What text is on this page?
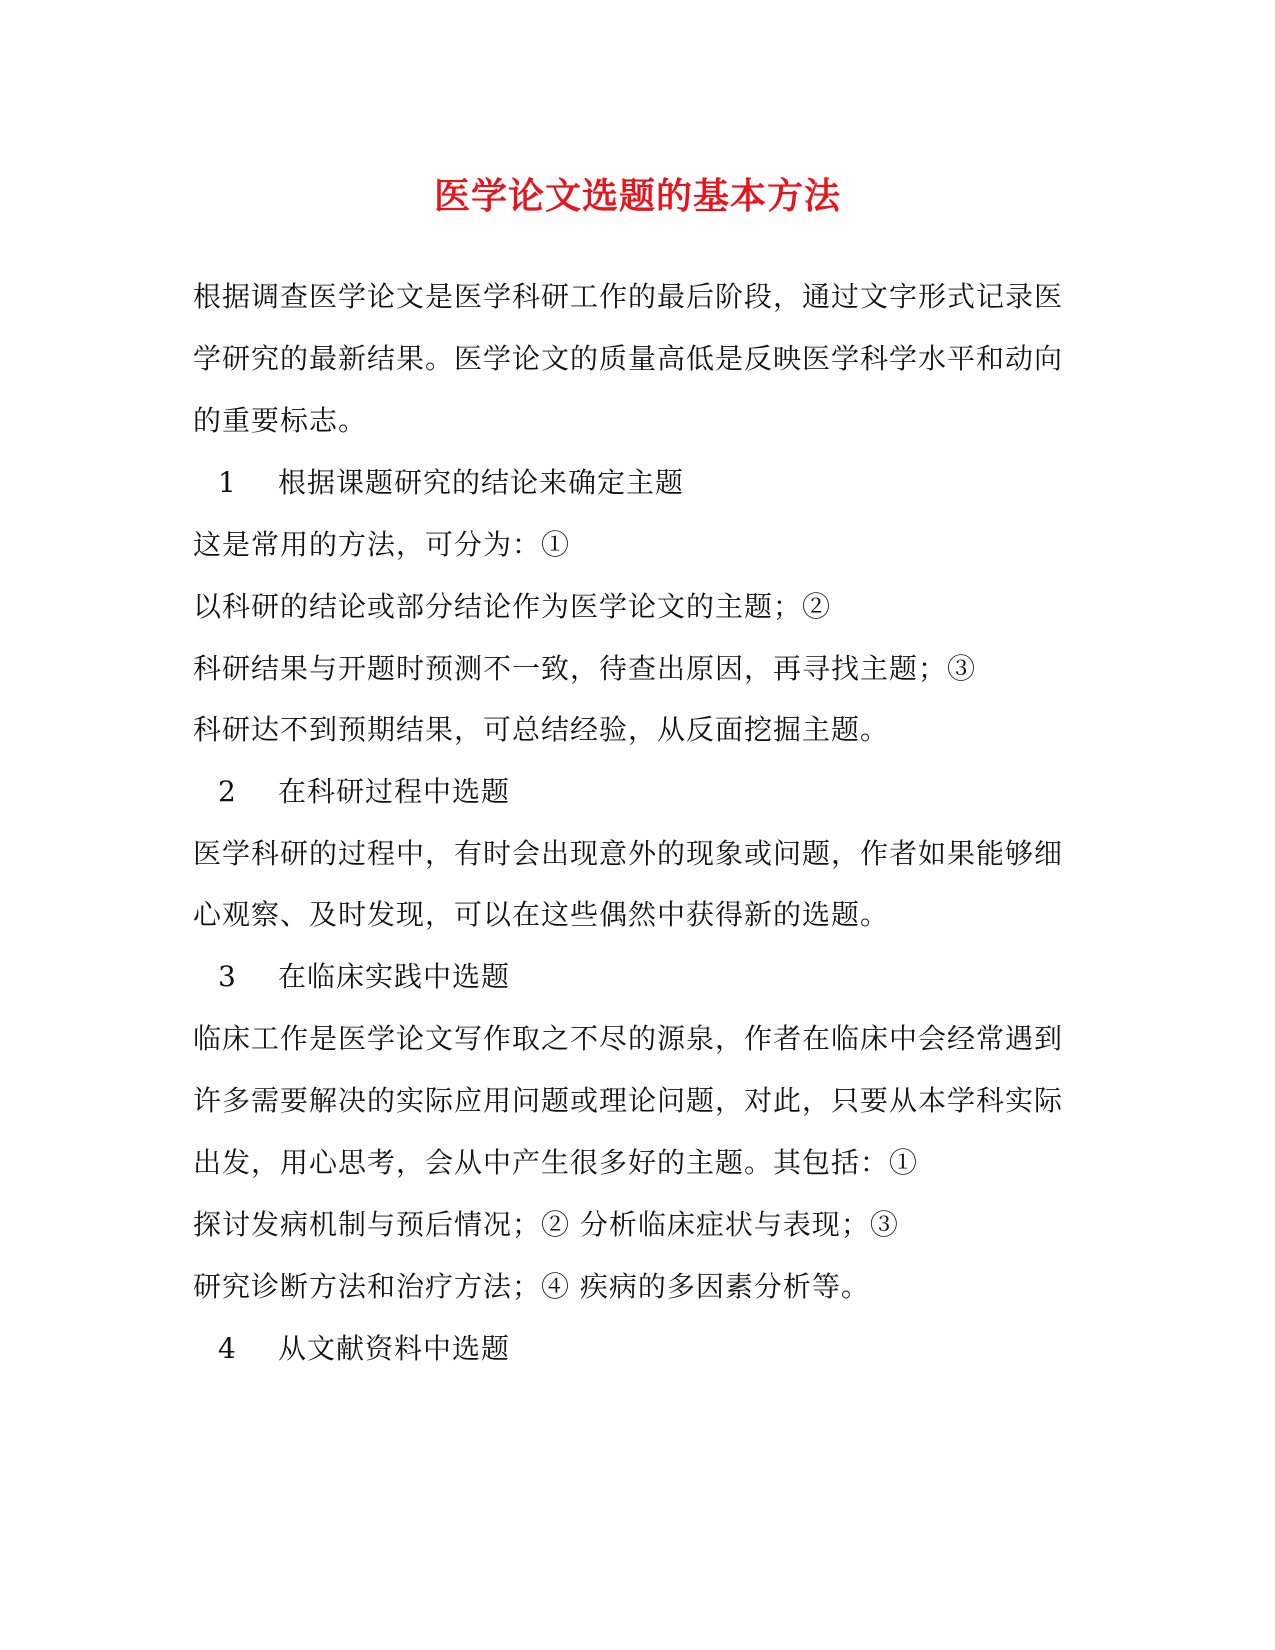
医学论文选题的基本方法
根据调查医学论文是医学科研工作的最后阶段，通过文字形式记录医
学研究的最新结果。医学论文的质量高低是反映医学科学水平和动向
的重要标志。
1 根据课题研究的结论来确定主题
这是常用的方法，可分为：①
以科研的结论或部分结论作为医学论文的主题；②
科研结果与开题时预测不一致，待查出原因，再寻找主题；③
科研达不到预期结果，可总结经验，从反面挖掘主题。
2 在科研过程中选题
医学科研的过程中，有时会出现意外的现象或问题，作者如果能够细
心观察、及时发现，可以在这些偶然中获得新的选题。
3 在临床实践中选题
临床工作是医学论文写作取之不尽的源泉，作者在临床中会经常遇到
许多需要解决的实际应用问题或理论问题，对此，只要从本学科实际
出发，用心思考，会从中产生很多好的主题。其包括：①
探讨发病机制与预后情况；② 分析临床症状与表现；③
研究诊断方法和治疗方法；④ 疾病的多因素分析等。
4 从文献资料中选题
